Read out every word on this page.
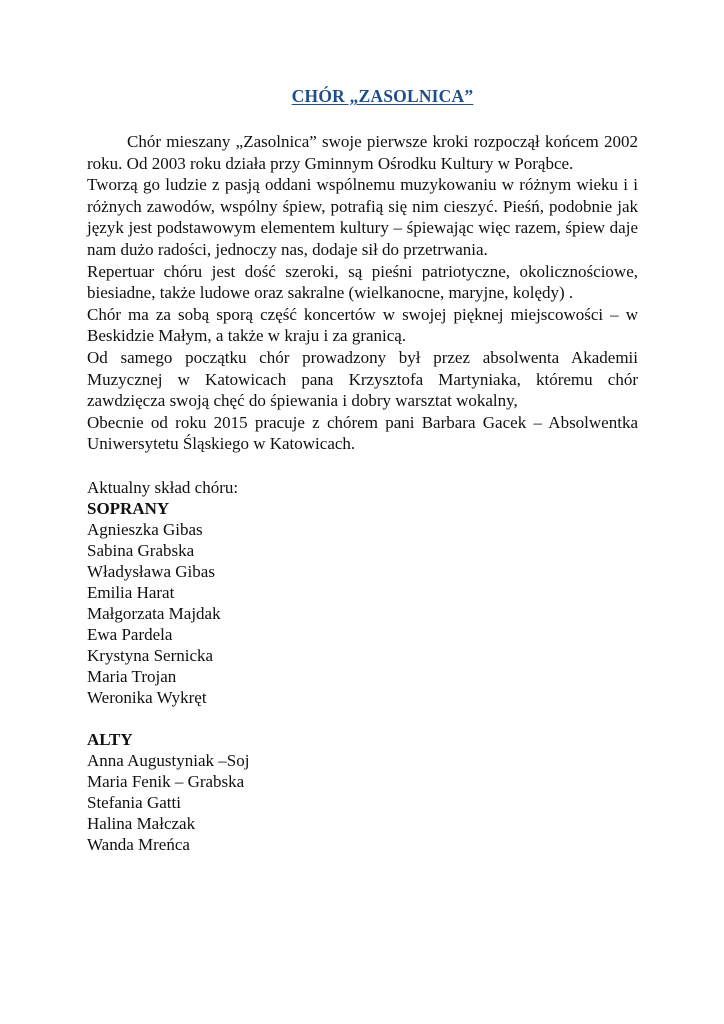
CHÓR „ZASOLNICA”

Chór mieszany „Zasolnica” swoje pierwsze kroki rozpoczął końcem 2002 roku. Od 2003 roku działa przy Gminnym Ośrodku Kultury w Porąbce.

Tworzą go ludzie z pasją oddani wspólnemu muzykowaniu w różnym wieku i i różnych zawodów, wspólny śpiew, potrafią się nim cieszyć. Pieśń, podobnie jak język jest podstawowym elementem kultury – śpiewając więc razem, śpiew daje nam dużo radości, jednoczy nas, dodaje sił do przetrwania.

Repertuar chóru jest dość szeroki, są pieśni patriotyczne, okolicznościowe, biesiadne, także ludowe oraz sakralne (wielkanocne, maryjne, kolędy) .

Chór ma za sobą sporą część koncertów w swojej pięknej miejscowości – w Beskidzie Małym, a także w kraju i za granicą.

Od samego początku chór prowadzony był przez absolwenta Akademii Muzycznej w Katowicach pana Krzysztofa Martyniaka, któremu chór zawdzięcza swoją chęć do śpiewania i dobry warsztat wokalny,

Obecnie od roku 2015 pracuje z chórem pani Barbara Gacek – Absolwentka Uniwersytetu Śląskiego w Katowicach.

Aktualny skład chóru:

SOPRANY

Agnieszka Gibas
Sabina Grabska
Władysława Gibas
Emilia Harat
Małgorzata Majdak
Ewa Pardela
Krystyna Sernicka
Maria Trojan
Weronika Wykręt

ALTY

Anna Augustyniak –Soj
Maria Fenik – Grabska
Stefania Gatti
Halina Małczak
Wanda Mreńca
